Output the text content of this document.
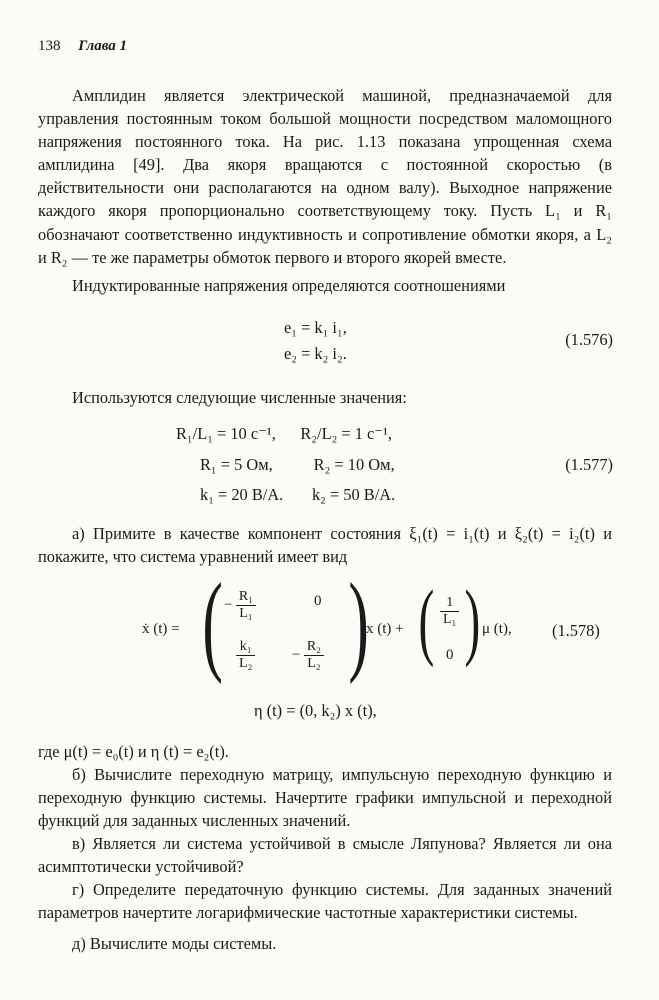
138 Глава 1

Амплидин является электрической машиной, предназначаемой для управления постоянным током большой мощности посредством маломощного напряжения постоянного тока. На рис. 1.13 показана упрощенная схема амплидина [49]. Два якоря вращаются с постоянной скоростью (в действительности они располагаются на одном валу). Выходное напряжение каждого якоря пропорционально соответствующему току. Пусть L₁ и R₁ обозначают соответственно индуктивность и сопротивление обмотки якоря, а L₂ и R₂ — те же параметры обмоток первого и второго якорей вместе.

Индуктированные напряжения определяются соотношениями

e₁ = k₁ i₁,
e₂ = k₂ i₂.
(1.576)

Используются следующие численные значения:

R₁/L₁ = 10 с⁻¹,      R₂/L₂ = 1 с⁻¹,
R₁ = 5 Ом,          R₂ = 10 Ом,
k₁ = 20 В/А.       k₂ = 50 В/А.
(1.577)

а) Примите в качестве компонент состояния ξ₁(t) = i₁(t) и ξ₂(t) = i₂(t) и покажите, что система уравнений имеет вид

ẋ (t) = ( − $\frac{\text{R₁}}{\text{L₁}}$	0
$\frac{\text{k₁}}{\text{L₂}} - \frac{\text{R₂}}{\text{L₂}}$ )
x (t) + ( $\frac{1}{\text{L₁}}$
0 ) μ (t), (1.578)
η (t) = (0, k₂) x (t),

где μ(t) = e₀(t) и η (t) = e₂(t).

б) Вычислите переходную матрицу, импульсную переходную функцию и переходную функцию системы. Начертите графики импульсной и переходной функций для заданных численных значений.

в) Является ли система устойчивой в смысле Ляпунова? Является ли она асимптотически устойчивой?

г) Определите передаточную функцию системы. Для заданных значений параметров начертите логарифмические частотные характеристики системы.

д) Вычислите моды системы.
